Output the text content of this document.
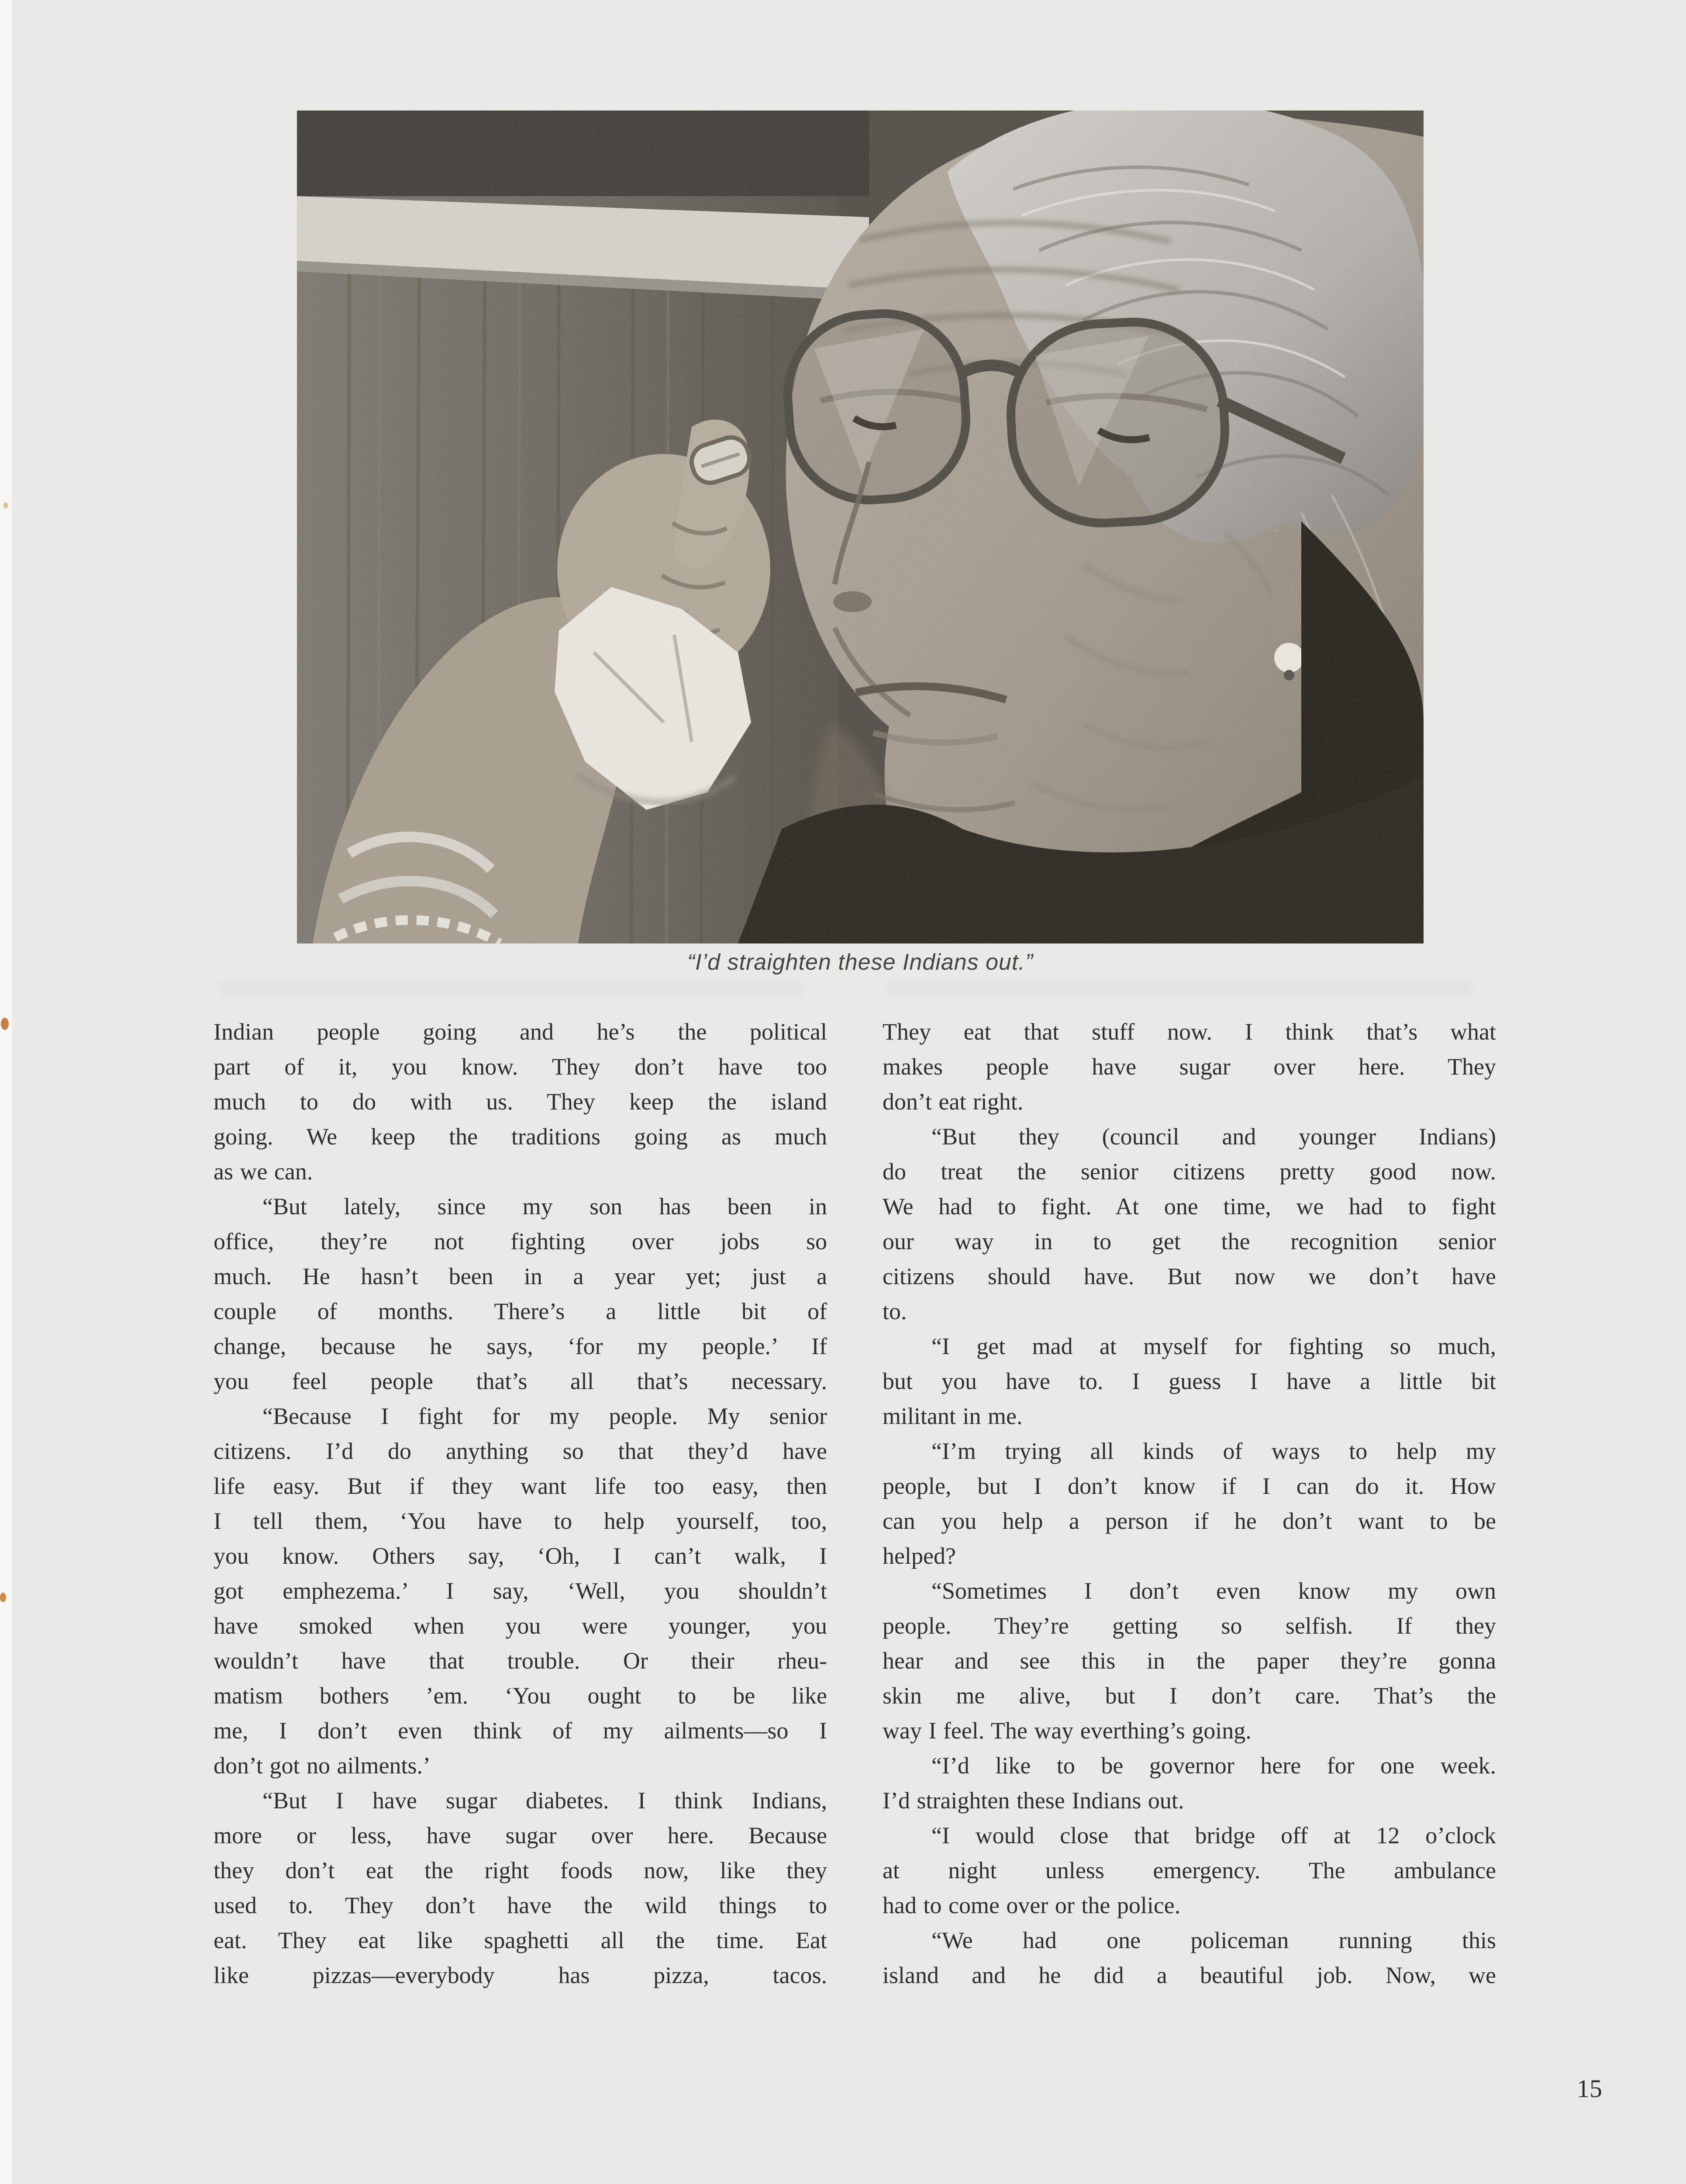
“I’d straighten these Indians out.”
Indian people going and he’s the political
part of it, you know. They don’t have too
much to do with us. They keep the island
going. We keep the traditions going as much
as we can.
“But lately, since my son has been in
office, they’re not fighting over jobs so
much. He hasn’t been in a year yet; just a
couple of months. There’s a little bit of
change, because he says, ‘for my people.’ If
you feel people that’s all that’s necessary.
“Because I fight for my people. My senior
citizens. I’d do anything so that they’d have
life easy. But if they want life too easy, then
I tell them, ‘You have to help yourself, too,
you know. Others say, ‘Oh, I can’t walk, I
got emphezema.’ I say, ‘Well, you shouldn’t
have smoked when you were younger, you
wouldn’t have that trouble. Or their rheu-
matism bothers ’em. ‘You ought to be like
me, I don’t even think of my ailments—so I
don’t got no ailments.’
“But I have sugar diabetes. I think Indians,
more or less, have sugar over here. Because
they don’t eat the right foods now, like they
used to. They don’t have the wild things to
eat. They eat like spaghetti all the time. Eat
like pizzas—everybody has pizza, tacos.
They eat that stuff now. I think that’s what
makes people have sugar over here. They
don’t eat right.
“But they (council and younger Indians)
do treat the senior citizens pretty good now.
We had to fight. At one time, we had to fight
our way in to get the recognition senior
citizens should have. But now we don’t have
to.
“I get mad at myself for fighting so much,
but you have to. I guess I have a little bit
militant in me.
“I’m trying all kinds of ways to help my
people, but I don’t know if I can do it. How
can you help a person if he don’t want to be
helped?
“Sometimes I don’t even know my own
people. They’re getting so selfish. If they
hear and see this in the paper they’re gonna
skin me alive, but I don’t care. That’s the
way I feel. The way everthing’s going.
“I’d like to be governor here for one week.
I’d straighten these Indians out.
“I would close that bridge off at 12 o’clock
at night unless emergency. The ambulance
had to come over or the police.
“We had one policeman running this
island and he did a beautiful job. Now, we
15
